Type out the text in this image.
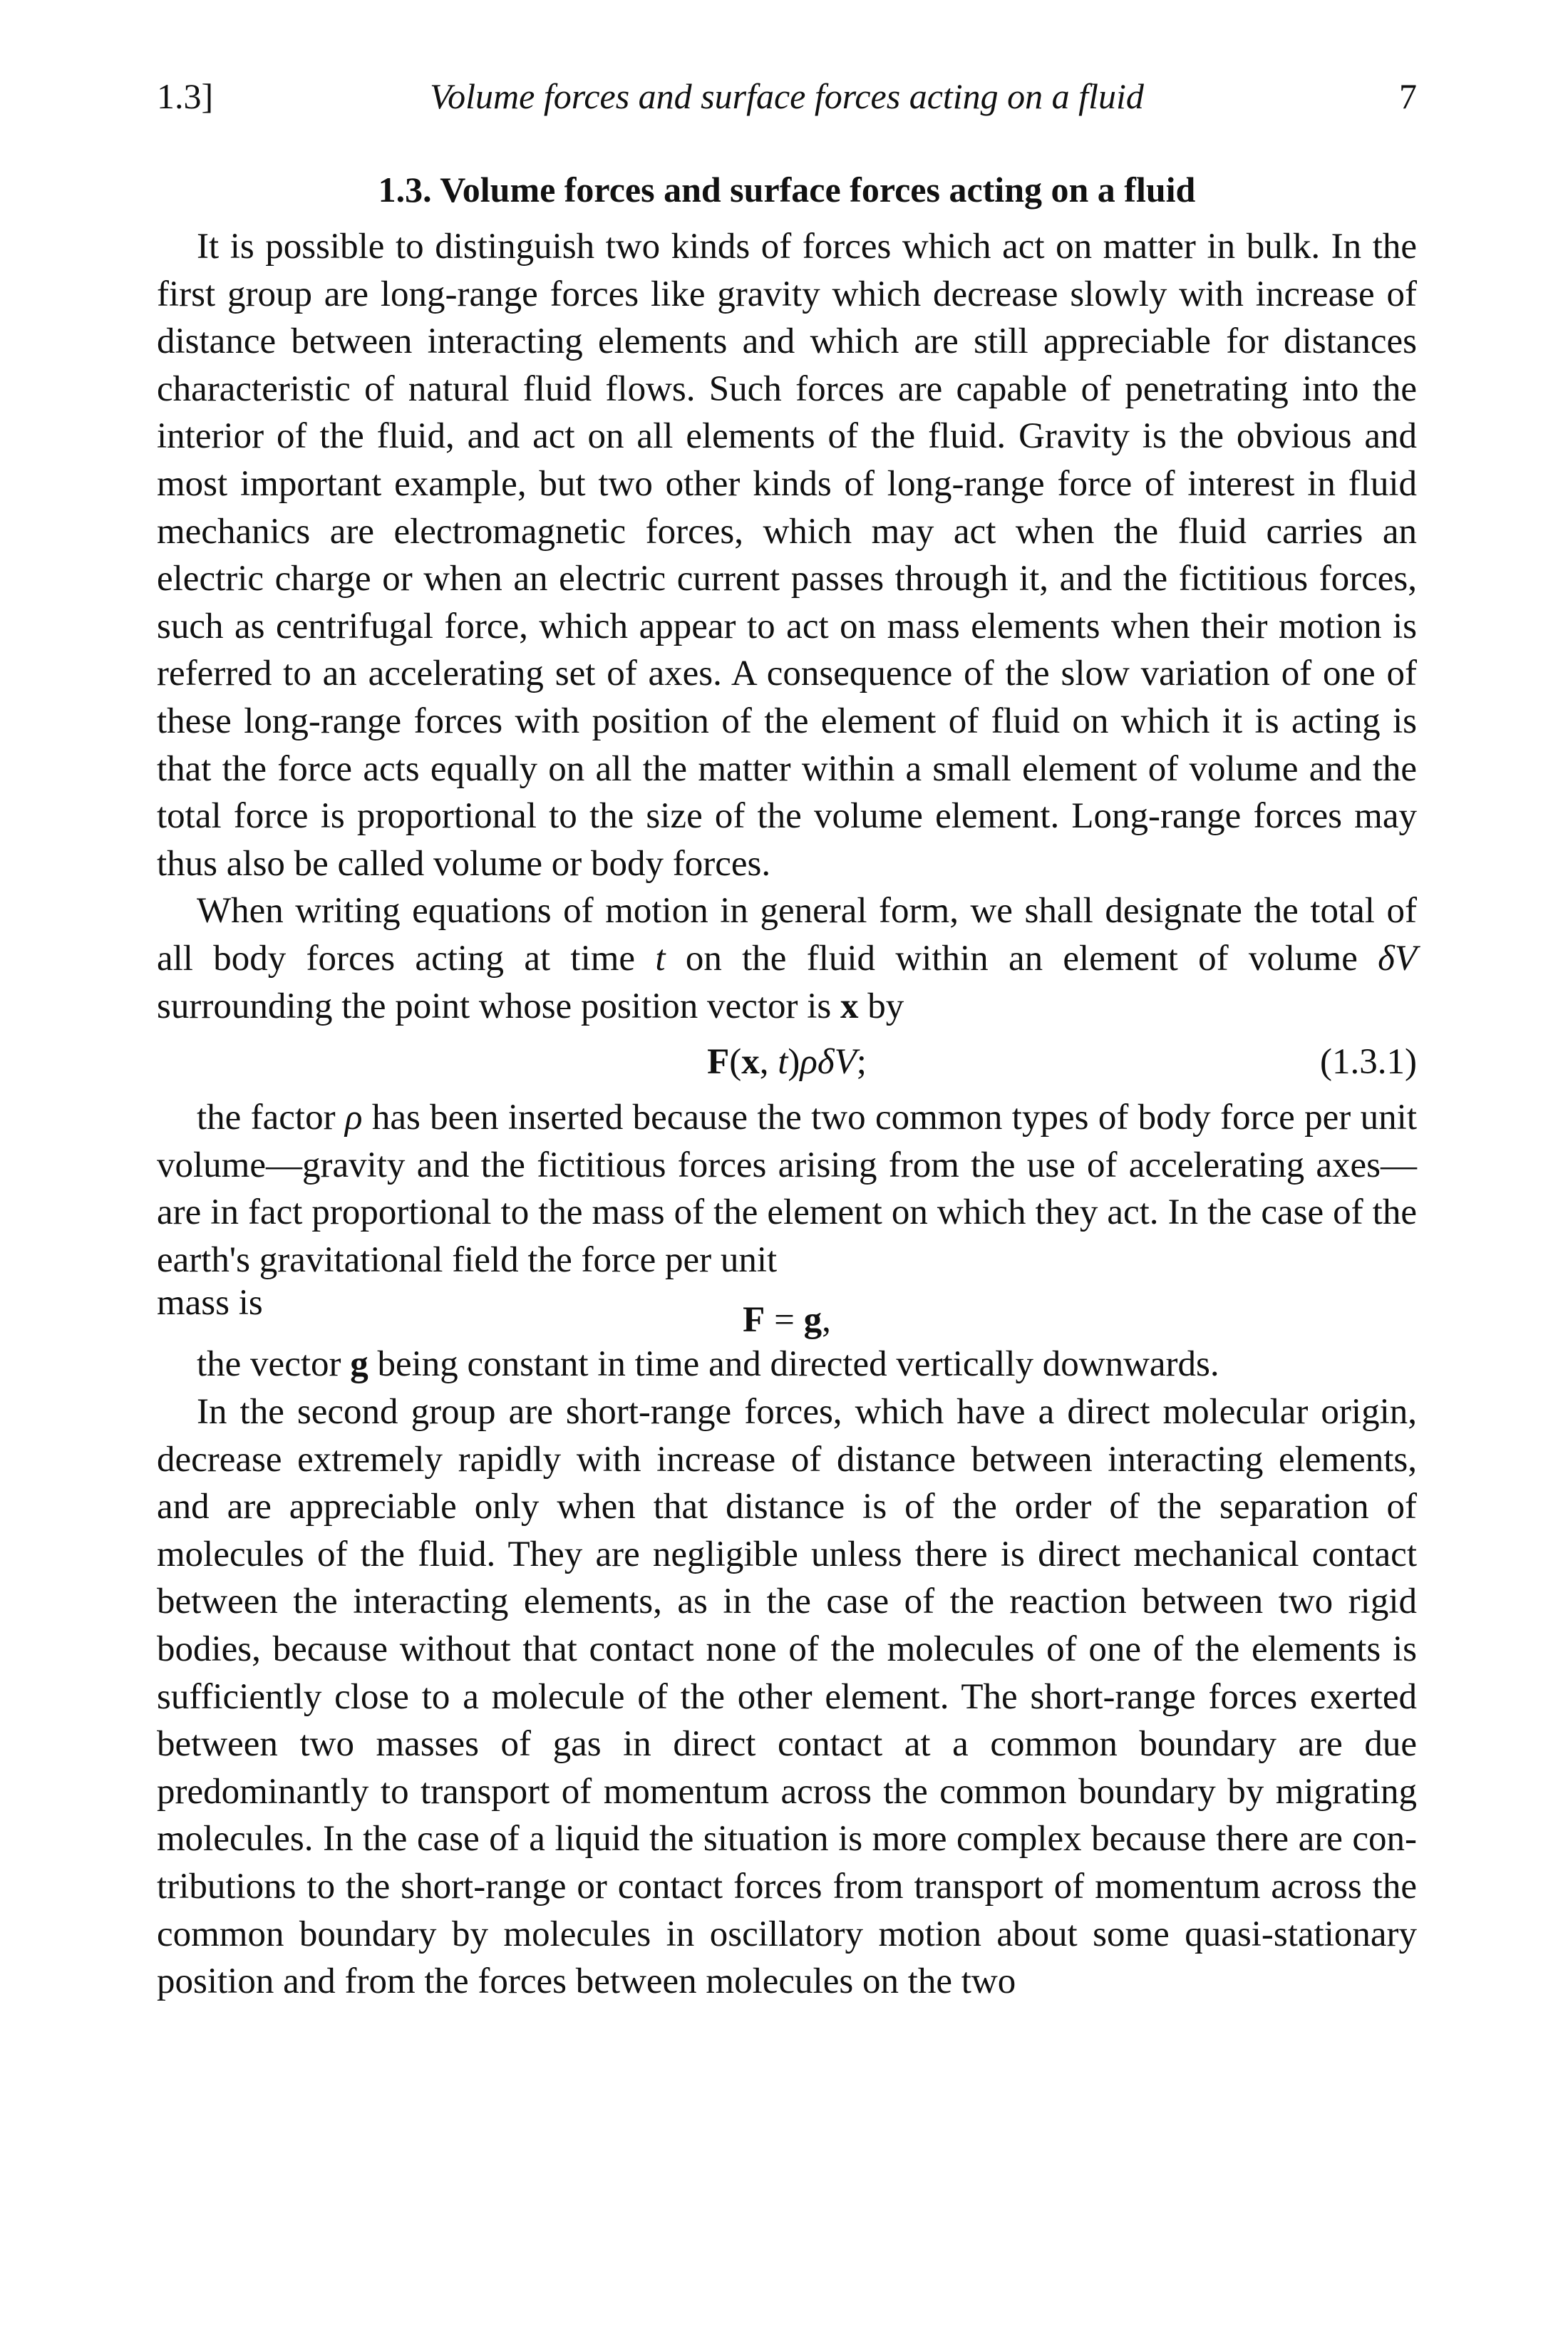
1.3]	Volume forces and surface forces acting on a fluid	7
1.3. Volume forces and surface forces acting on a fluid

It is possible to distinguish two kinds of forces which act on matter in bulk. In the first group are long-range forces like gravity which decrease slowly with increase of distance between interacting elements and which are still appreciable for distances characteristic of natural fluid flows. Such forces are capable of penetrating into the interior of the fluid, and act on all elements of the fluid. Gravity is the obvious and most important example, but two other kinds of long-range force of interest in fluid mechanics are electromagnetic forces, which may act when the fluid carries an electric charge or when an electric current passes through it, and the fictitious forces, such as centrifugal force, which appear to act on mass elements when their motion is referred to an accelerating set of axes. A consequence of the slow variation of one of these long-range forces with position of the element of fluid on which it is acting is that the force acts equally on all the matter within a small element of volume and the total force is proportional to the size of the volume element. Long-range forces may thus also be called volume or body forces.

When writing equations of motion in general form, we shall designate the total of all body forces acting at time t on the fluid within an element of volume δV surrounding the point whose position vector is x by

F(x, t)ρδV;	(1.3.1)

the factor ρ has been inserted because the two common types of body force per unit volume—gravity and the fictitious forces arising from the use of accelerating axes—are in fact proportional to the mass of the element on which they act. In the case of the earth's gravitational field the force per unit

mass is	F = g,

the vector g being constant in time and directed vertically downwards.

In the second group are short-range forces, which have a direct molecular origin, decrease extremely rapidly with increase of distance between interacting elements, and are appreciable only when that distance is of the order of the separation of molecules of the fluid. They are negligible unless there is direct mechanical contact between the interacting elements, as in the case of the reaction between two rigid bodies, because without that contact none of the molecules of one of the elements is sufficiently close to a molecule of the other element. The short-range forces exerted between two masses of gas in direct contact at a common boundary are due predominantly to transport of momentum across the common boundary by migrating molecules. In the case of a liquid the situation is more complex because there are contributions to the short-range or contact forces from transport of momentum across the common boundary by molecules in oscillatory motion about some quasi-stationary position and from the forces between molecules on the two
